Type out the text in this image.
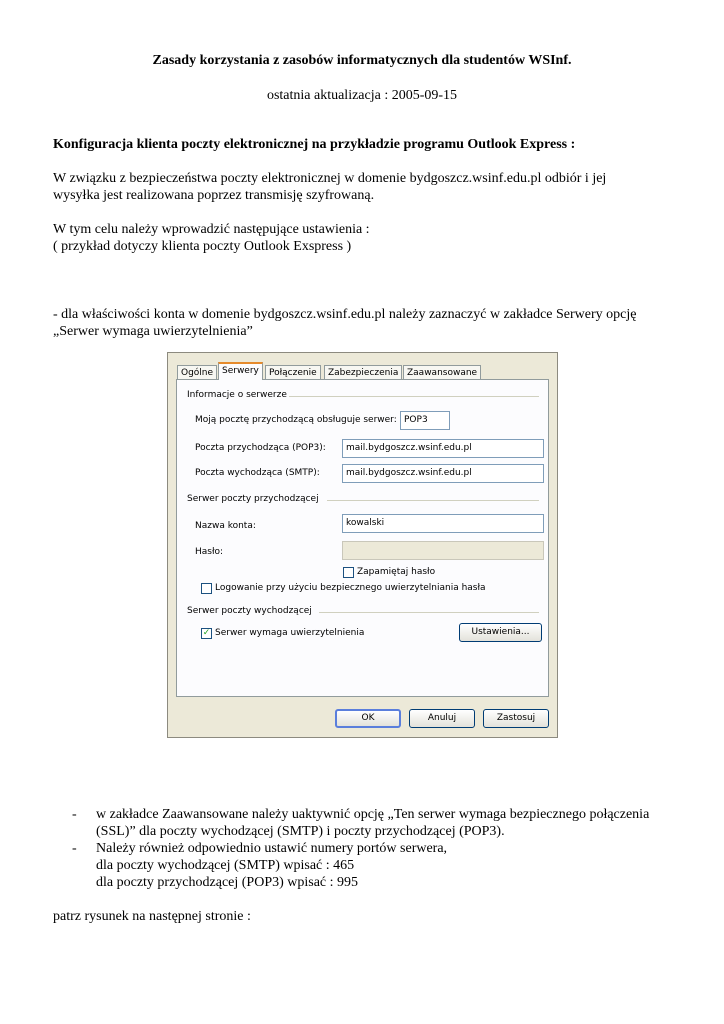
Zasady korzystania z zasobów informatycznych dla studentów WSInf.
ostatnia aktualizacja : 2005-09-15
Konfiguracja klienta poczty elektronicznej na przykładzie programu Outlook Express :
W związku z bezpieczeństwa poczty elektronicznej w domenie bydgoszcz.wsinf.edu.pl odbiór i jej
wysyłka jest realizowana poprzez transmisję szyfrowaną.
W tym celu należy wprowadzić następujące ustawienia :
( przykład dotyczy klienta poczty Outlook Exspress )
- dla właściwości konta w domenie bydgoszcz.wsinf.edu.pl należy zaznaczyć w zakładce Serwery opcję
„Serwer wymaga uwierzytelnienia”
Ogólne Serwery	Połączenie	Zabezpieczenia Zaawansowane
Informacje o serwerze
Moją pocztę przychodzącą obsługuje serwer: POP3
Poczta przychodząca (POP3):	mail.bydgoszcz.wsinf.edu.pl
Poczta wychodząca (SMTP):	mail.bydgoszcz.wsinf.edu.pl
Serwer poczty przychodzącej
Nazwa konta:	kowalski
Hasło:
Zapamiętaj hasło
Logowanie przy użyciu bezpiecznego uwierzytelniania hasła
Serwer poczty wychodzącej
✓ Serwer wymaga uwierzytelnienia	Ustawienia...
OK	Anuluj	Zastosuj
- w zakładce Zaawansowane należy uaktywnić opcję „Ten serwer wymaga bezpiecznego połączenia
(SSL)” dla poczty wychodzącej (SMTP) i poczty przychodzącej (POP3).
- Należy również odpowiednio ustawić numery portów serwera,
dla poczty wychodzącej (SMTP) wpisać : 465
dla poczty przychodzącej (POP3) wpisać : 995
patrz rysunek na następnej stronie :
